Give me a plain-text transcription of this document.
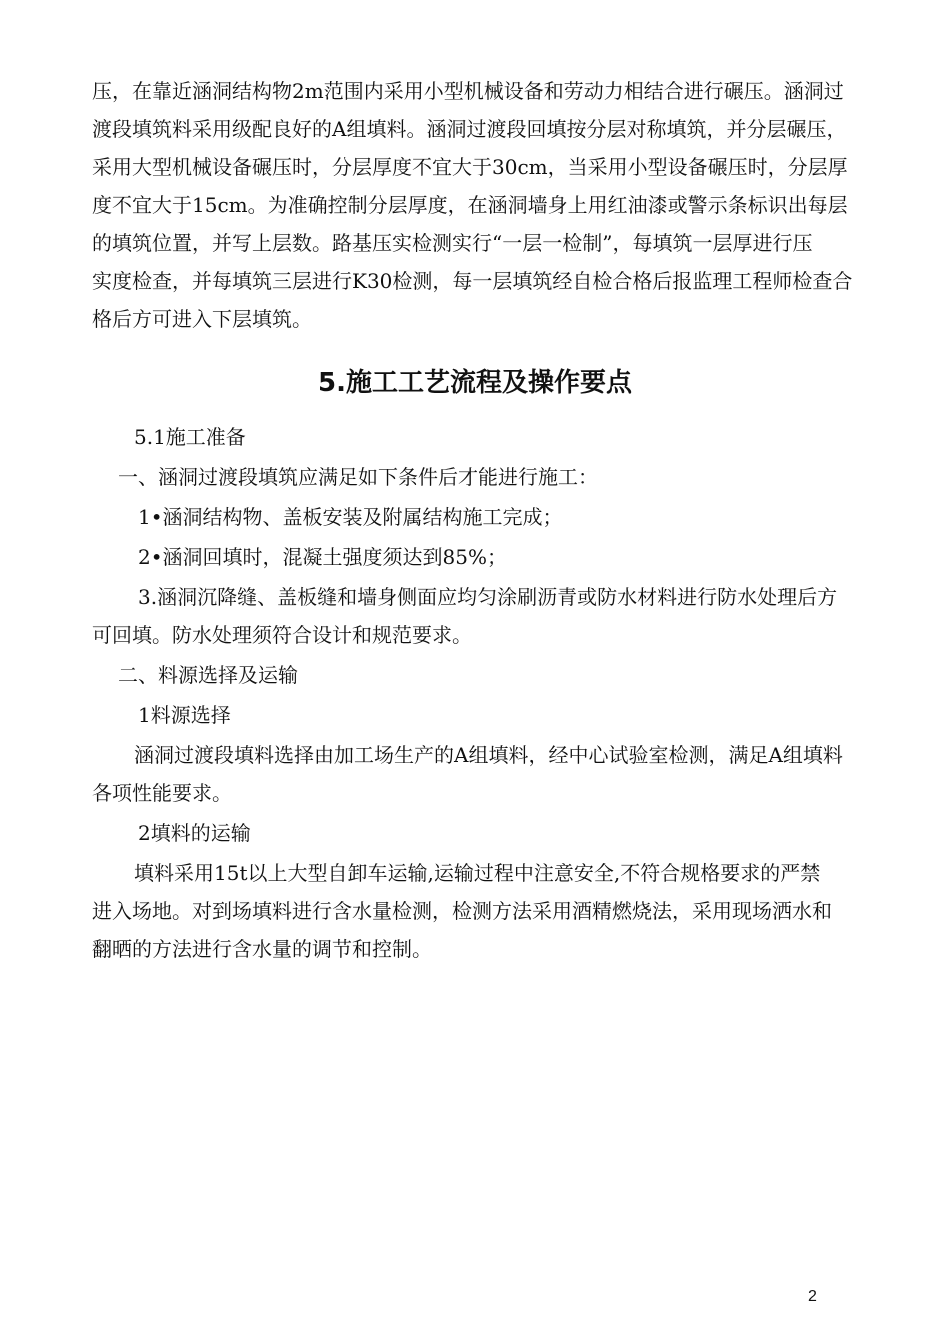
压，在靠近涵洞结构物2m范围内采用小型机械设备和劳动力相结合进行碾压。涵洞过
渡段填筑料采用级配良好的A组填料。涵洞过渡段回填按分层对称填筑，并分层碾压，
采用大型机械设备碾压时，分层厚度不宜大于30cm，当采用小型设备碾压时，分层厚
度不宜大于15cm。为准确控制分层厚度，在涵洞墙身上用红油漆或警示条标识出每层
的填筑位置，并写上层数。路基压实检测实行“一层一检制”，每填筑一层厚进行压
实度检查，并每填筑三层进行K30检测，每一层填筑经自检合格后报监理工程师检查合
格后方可进入下层填筑。
5.施工工艺流程及操作要点
5.1施工准备
一、涵洞过渡段填筑应满足如下条件后才能进行施工：
1•涵洞结构物、盖板安装及附属结构施工完成；
2•涵洞回填时，混凝土强度须达到85%；
3.涵洞沉降缝、盖板缝和墙身侧面应均匀涂刷沥青或防水材料进行防水处理后方
可回填。防水处理须符合设计和规范要求。
二、料源选择及运输
1料源选择
涵洞过渡段填料选择由加工场生产的A组填料，经中心试验室检测，满足A组填料
各项性能要求。
2填料的运输
填料采用15t以上大型自卸车运输,运输过程中注意安全,不符合规格要求的严禁
进入场地。对到场填料进行含水量检测，检测方法采用酒精燃烧法，采用现场洒水和
翻晒的方法进行含水量的调节和控制。
2
